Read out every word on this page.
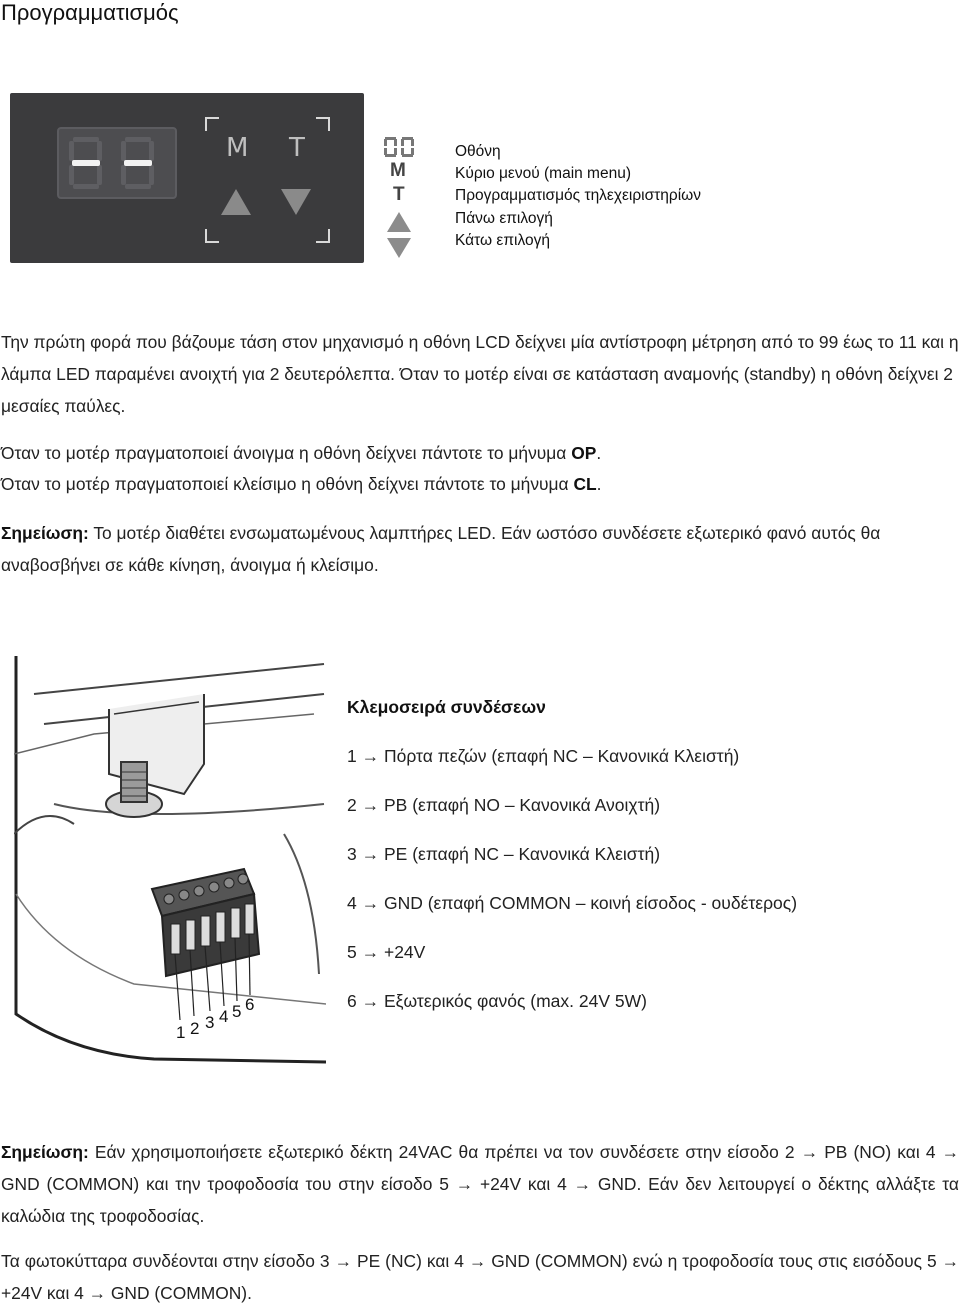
Προγραμματισμός
M T
M
T
Οθόνη
Κύριο μενού (main menu)
Προγραμματισμός τηλεχειριστηρίων
Πάνω επιλογή
Κάτω επιλογή
Την πρώτη φορά που βάζουμε τάση στον μηχανισμό η οθόνη LCD δείχνει μία αντίστροφη μέτρηση από το 99 έως το 11 και η λάμπα LED παραμένει ανοιχτή για 2 δευτερόλεπτα. Όταν το μοτέρ είναι σε κατάσταση αναμονής (standby) η οθόνη δείχνει 2 μεσαίες παύλες.
Όταν το μοτέρ πραγματοποιεί άνοιγμα η οθόνη δείχνει πάντοτε το μήνυμα OP.
Όταν το μοτέρ πραγματοποιεί κλείσιμο η οθόνη δείχνει πάντοτε το μήνυμα CL.
Σημείωση: Το μοτέρ διαθέτει ενσωματωμένους λαμπτήρες LED. Εάν ωστόσο συνδέσετε εξωτερικό φανό αυτός θα αναβοσβήνει σε κάθε κίνηση, άνοιγμα ή κλείσιμο.
1 2 3 4 5 6
Κλεμοσειρά συνδέσεων
1 → Πόρτα πεζών (επαφή NC – Κανονικά Κλειστή)
2 → PB (επαφή NO – Κανονικά Ανοιχτή)
3 → PE (επαφή NC – Κανονικά Κλειστή)
4 → GND (επαφή COMMON – κοινή είσοδος - ουδέτερος)
5 → +24V
6 → Εξωτερικός φανός (max. 24V 5W)
Σημείωση: Εάν χρησιμοποιήσετε εξωτερικό δέκτη 24VAC θα πρέπει να τον συνδέσετε στην είσοδο 2 → PB (NO) και 4 → GND (COMMON) και την τροφοδοσία του στην είσοδο 5 → +24V και 4 → GND. Εάν δεν λειτουργεί ο δέκτης αλλάξτε τα καλώδια της τροφοδοσίας.
Τα φωτοκύτταρα συνδέονται στην είσοδο 3 → PE (NC) και 4 → GND (COMMON) ενώ η τροφοδοσία τους στις εισόδους 5 → +24V και 4 → GND (COMMON).
